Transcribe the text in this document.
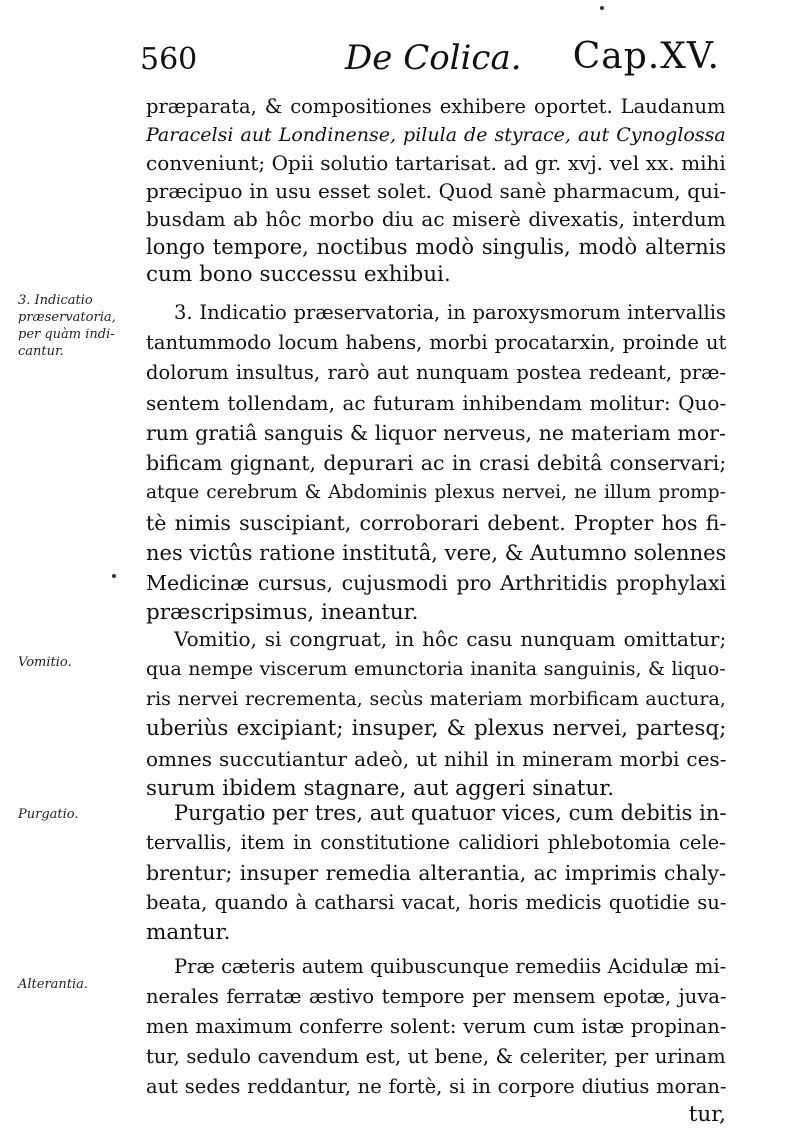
560	De Colica. Cap.XV.
3. Indicatio
præservatoria,
per quàm indi-
cantur.
Vomitio.
Purgatio.
Alterantia.
præparata, & compositiones exhibere oportet. Laudanum
Paracelsi aut Londinense, pilula de styrace, aut Cynoglossa
conveniunt; Opii solutio tartarisat. ad gr. xvj. vel xx. mihi
præcipuo in usu esset solet. Quod sanè pharmacum, qui-
busdam ab hôc morbo diu ac miserè divexatis, interdum
longo tempore, noctibus modò singulis, modò alternis
cum bono successu exhibui.
3. Indicatio præservatoria, in paroxysmorum intervallis
tantummodo locum habens, morbi procatarxin, proinde ut
dolorum insultus, rarò aut nunquam postea redeant, præ-
sentem tollendam, ac futuram inhibendam molitur: Quo-
rum gratiâ sanguis & liquor nerveus, ne materiam mor-
bificam gignant, depurari ac in crasi debitâ conservari;
atque cerebrum & Abdominis plexus nervei, ne illum promp-
tè nimis suscipiant, corroborari debent. Propter hos fi-
nes victûs ratione institutâ, vere, & Autumno solennes
Medicinæ cursus, cujusmodi pro Arthritidis prophylaxi
præscripsimus, ineantur.
Vomitio, si congruat, in hôc casu nunquam omittatur;
qua nempe viscerum emunctoria inanita sanguinis, & liquo-
ris nervei recrementa, secùs materiam morbificam auctura,
uberiùs excipiant; insuper, & plexus nervei, partesq;
omnes succutiantur adeò, ut nihil in mineram morbi ces-
surum ibidem stagnare, aut aggeri sinatur.
Purgatio per tres, aut quatuor vices, cum debitis in-
tervallis, item in constitutione calidiori phlebotomia cele-
brentur; insuper remedia alterantia, ac imprimis chaly-
beata, quando à catharsi vacat, horis medicis quotidie su-
mantur.
Præ cæteris autem quibuscunque remediis Acidulæ mi-
nerales ferratæ æstivo tempore per mensem epotæ, juva-
men maximum conferre solent: verum cum istæ propinan-
tur, sedulo cavendum est, ut bene, & celeriter, per urinam
aut sedes reddantur, ne fortè, si in corpore diutius moran-
tur,
